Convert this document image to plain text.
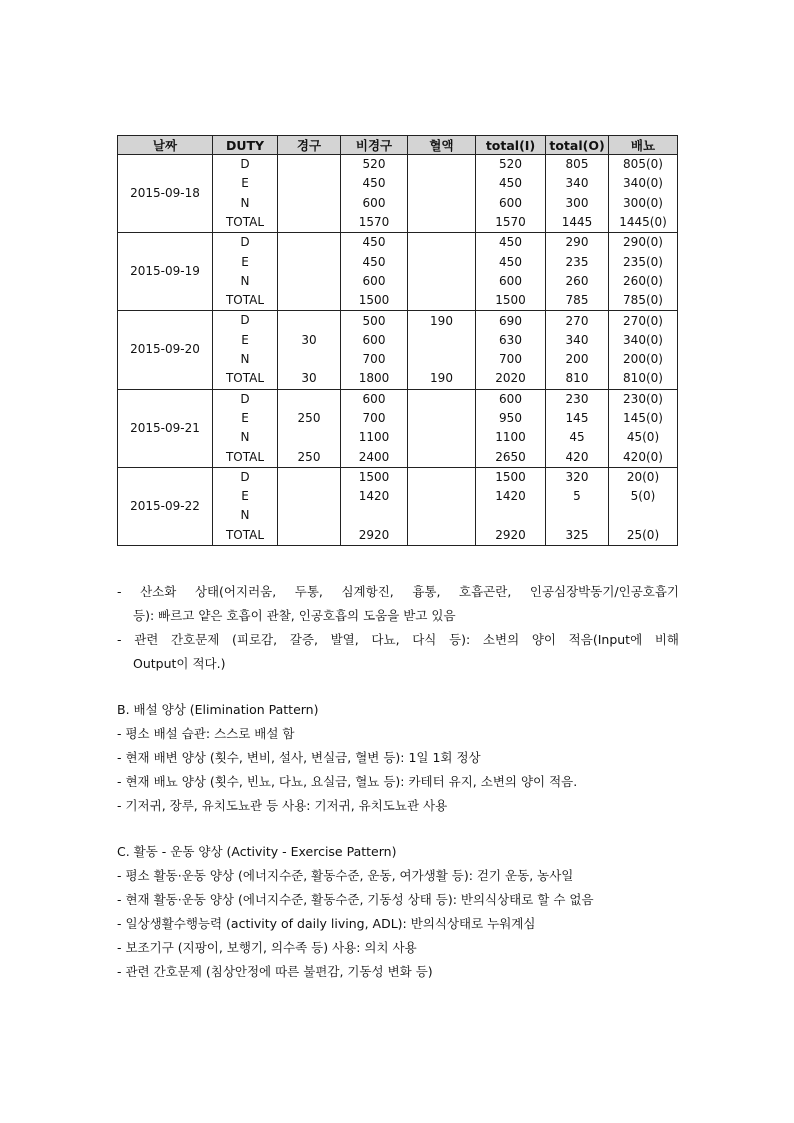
날짜	DUTY	경구	비경구	혈액	total(I)	total(O)	배뇨
2015-09-18	D		520		520	805	805(0)
	E		450		450	340	340(0)
	N		600		600	300	300(0)
	TOTAL		1570		1570	1445	1445(0)
2015-09-19	D		450		450	290	290(0)
	E		450		450	235	235(0)
	N		600		600	260	260(0)
	TOTAL		1500		1500	785	785(0)
2015-09-20	D		500	190	690	270	270(0)
	E	30	600		630	340	340(0)
	N		700		700	200	200(0)
	TOTAL	30	1800	190	2020	810	810(0)
2015-09-21	D		600		600	230	230(0)
	E	250	700		950	145	145(0)
	N		1100		1100	45	45(0)
	TOTAL	250	2400		2650	420	420(0)
2015-09-22	D		1500		1500	320	20(0)
	E		1420		1420	5	5(0)
	N						
	TOTAL		2920		2920	325	25(0)
- 산소화 상태(어지러움, 두통, 심계항진, 흉통, 호흡곤란, 인공심장박동기/인공호흡기
등): 빠르고 얕은 호흡이 관찰, 인공호흡의 도움을 받고 있음
- 관련 간호문제 (피로감, 갈증, 발열, 다뇨, 다식 등): 소변의 양이 적음(Input에 비해
Output이 적다.)
B. 배설 양상 (Elimination Pattern)
- 평소 배설 습관: 스스로 배설 함
- 현재 배변 양상 (횟수, 변비, 설사, 변실금, 혈변 등): 1일 1회 정상
- 현재 배뇨 양상 (횟수, 빈뇨, 다뇨, 요실금, 혈뇨 등): 카테터 유지, 소변의 양이 적음.
- 기저귀, 장루, 유치도뇨관 등 사용: 기저귀, 유치도뇨관 사용
C. 활동 - 운동 양상 (Activity - Exercise Pattern)
- 평소 활동·운동 양상 (에너지수준, 활동수준, 운동, 여가생활 등): 걷기 운동, 농사일
- 현재 활동·운동 양상 (에너지수준, 활동수준, 기동성 상태 등): 반의식상태로 할 수 없음
- 일상생활수행능력 (activity of daily living, ADL): 반의식상태로 누워계심
- 보조기구 (지팡이, 보행기, 의수족 등) 사용: 의치 사용
- 관련 간호문제 (침상안정에 따른 불편감, 기동성 변화 등)
